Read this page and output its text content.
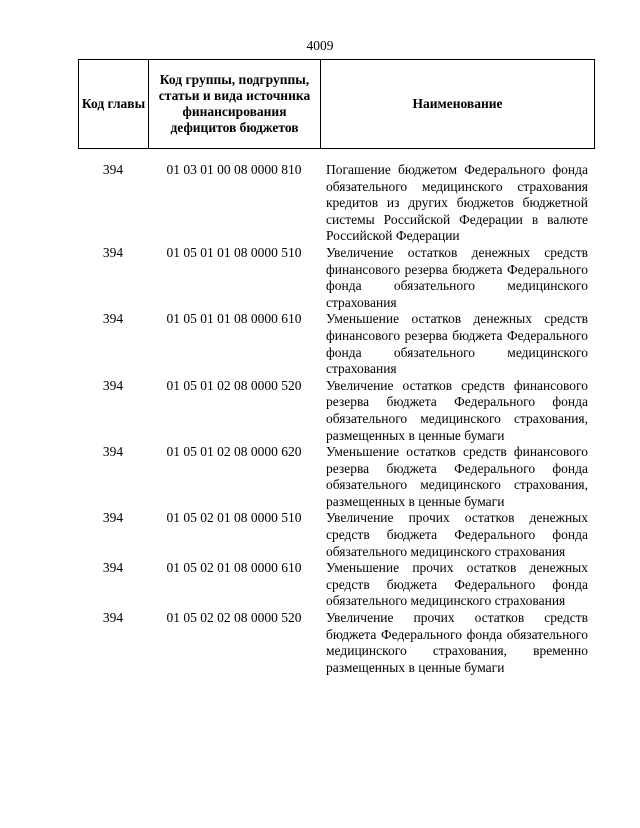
4009
Код главы	Код группы, подгруппы, статьи и вида источника финансирования дефицитов бюджетов	Наименование
394	01 03 01 00 08 0000 810	Погашение бюджетом Федерального фонда обязательного медицинского страхования кредитов из других бюджетов бюджетной системы Российской Федерации в валюте Российской Федерации
394	01 05 01 01 08 0000 510	Увеличение остатков денежных средств финансового резерва бюджета Федерального фонда обязательного медицинского страхования
394	01 05 01 01 08 0000 610	Уменьшение остатков денежных средств финансового резерва бюджета Федерального фонда обязательного медицинского страхования
394	01 05 01 02 08 0000 520	Увеличение остатков средств финансового резерва бюджета Федерального фонда обязательного медицинского страхования, размещенных в ценные бумаги
394	01 05 01 02 08 0000 620	Уменьшение остатков средств финансового резерва бюджета Федерального фонда обязательного медицинского страхования, размещенных в ценные бумаги
394	01 05 02 01 08 0000 510	Увеличение прочих остатков денежных средств бюджета Федерального фонда обязательного медицинского страхования
394	01 05 02 01 08 0000 610	Уменьшение прочих остатков денежных средств бюджета Федерального фонда обязательного медицинского страхования
394	01 05 02 02 08 0000 520	Увеличение прочих остатков средств бюджета Федерального фонда обязательного медицинского страхования, временно размещенных в ценные бумаги
